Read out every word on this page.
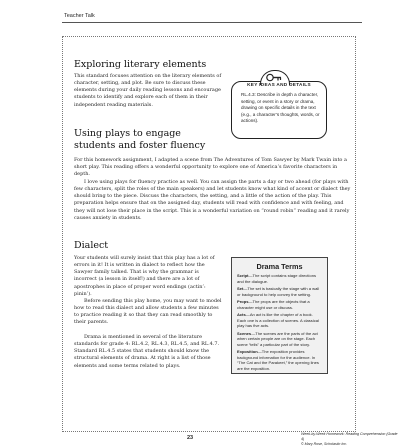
Teacher Talk
Exploring literary elements

This standard focuses attention on the literary elements of character, setting, and plot. Be sure to discuss these elements during your daily reading lessons and encourage students to identify and explore each of them in their independent reading materials.

KEY IDEAS AND DETAILS
RL.4.3: Describe in depth a character, setting, or event in a story or drama, drawing on specific details in the text (e.g., a character’s thoughts, words, or actions).
Using plays to engage students and foster fluency

For this homework assignment, I adapted a scene from The Adventures of Tom Sawyer by Mark Twain into a short play. This reading offers a wonderful opportunity to explore one of America’s favorite characters in depth.

I love using plays for fluency practice as well. You can assign the parts a day or two ahead (for plays with few characters, split the roles of the main speakers) and let students know what kind of accent or dialect they should bring to the piece. Discuss the characters, the setting, and a little of the action of the play. This preparation helps ensure that on the assigned day, students will read with confidence and with feeling, and they will not lose their place in the script. This is a wonderful variation on “round robin” reading and it rarely causes anxiety in students.

Dialect

Your students will surely insist that this play has a lot of errors in it! It is written in dialect to reflect how the Sawyer family talked. That is why the grammar is incorrect (a lesson in itself!) and there are a lot of apostrophes in place of proper word endings (actin’: pinin’).

Before sending this play home, you may want to model how to read this dialect and allow students a few minutes to practice reading it so that they can read smoothly to their parents.

Drama is mentioned in several of the literature standards for grade 4: RL.4.2, RL.4.3, RL.4.5, and RL.4.7. Standard RL.4.5 states that students should know the structural elements of drama. At right is a list of those elements and some terms related to plays.

Drama Terms
Script—The script contains stage directions and the dialogue.
Set—The set is basically the stage with a wall or background to help convey the setting.
Props—The props are the objects that a character might use or discuss.
Acts—An act is like the chapter of a book. Each one is a collection of scenes. A classical play has five acts.
Scenes—The scenes are the parts of the act when certain people are on the stage. Each scene “tells” a particular part of the story.
Exposition—The exposition provides background information for the audience. In “The Cat and the Parakeet,” the opening lines are the exposition.
23
Week-by-Week Homework: Reading Comprehension (Grade 4)
© Mary Rose, Scholastic Inc.
